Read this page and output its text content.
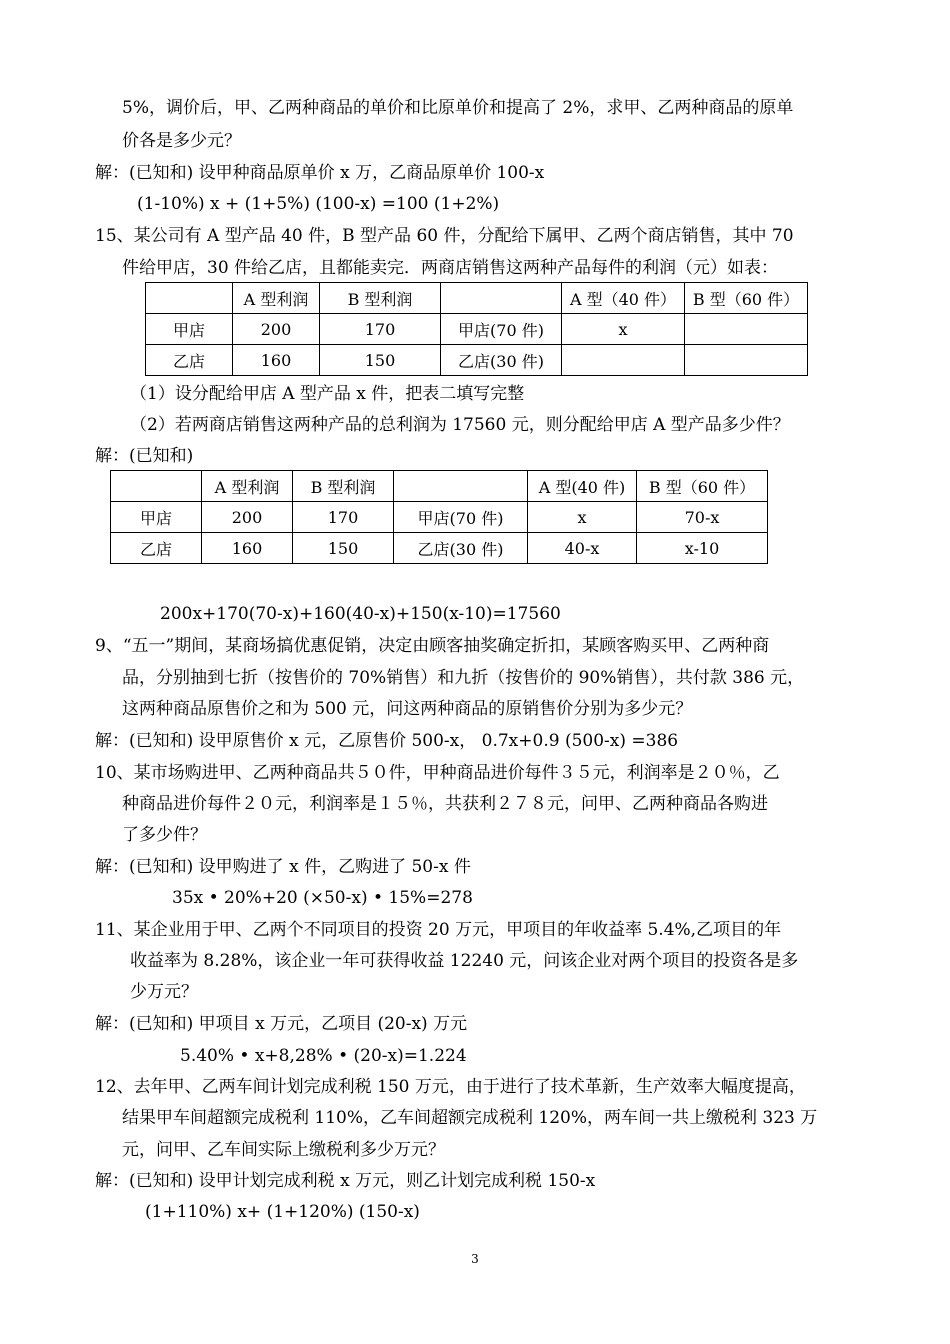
5%，调价后，甲、乙两种商品的单价和比原单价和提高了 2%，求甲、乙两种商品的原单
价各是多少元？
解：(已知和) 设甲种商品原单价 x 万，乙商品原单价 100-x
(1-10%) x + (1+5%) (100-x) =100 (1+2%)
15、某公司有 A 型产品 40 件，B 型产品 60 件，分配给下属甲、乙两个商店销售，其中 70
件给甲店，30 件给乙店，且都能卖完．两商店销售这两种产品每件的利润（元）如表：
	A 型利润	B 型利润		A 型（40 件）	B 型（60 件）
甲店	200	170	甲店(70 件)	x	
乙店	160	150	乙店(30 件)		
（1）设分配给甲店 A 型产品 x 件，把表二填写完整
（2）若两商店销售这两种产品的总利润为 17560 元，则分配给甲店 A 型产品多少件？
解：(已知和)
	A 型利润	B 型利润		A 型(40 件)	B 型（60 件）
甲店	200	170	甲店(70 件)	x	70-x
乙店	160	150	乙店(30 件)	40-x	x-10
200x+170(70-x)+160(40-x)+150(x-10)=17560
9、“五一”期间，某商场搞优惠促销，决定由顾客抽奖确定折扣，某顾客购买甲、乙两种商
品，分别抽到七折（按售价的 70%销售）和九折（按售价的 90%销售），共付款 386 元，
这两种商品原售价之和为 500 元，问这两种商品的原销售价分别为多少元？
解：(已知和) 设甲原售价 x 元，乙原售价 500-x， 0.7x+0.9 (500-x) =386
10、某市场购进甲、乙两种商品共５０件，甲种商品进价每件３５元，利润率是２０％，乙
种商品进价每件２０元，利润率是１５％，共获利２７８元，问甲、乙两种商品各购进
了多少件？
解：(已知和) 设甲购进了 x 件，乙购进了 50-x 件
35x • 20%+20 (×50-x) • 15%=278
11、某企业用于甲、乙两个不同项目的投资 20 万元，甲项目的年收益率 5.4%,乙项目的年
收益率为 8.28%，该企业一年可获得收益 12240 元，问该企业对两个项目的投资各是多
少万元？
解：(已知和) 甲项目 x 万元，乙项目 (20-x) 万元
5.40% • x+8,28% • (20-x)=1.224
12、去年甲、乙两车间计划完成利税 150 万元，由于进行了技术革新，生产效率大幅度提高，
结果甲车间超额完成税利 110%，乙车间超额完成税利 120%，两车间一共上缴税利 323 万
元，问甲、乙车间实际上缴税利多少万元？
解：(已知和) 设甲计划完成利税 x 万元，则乙计划完成利税 150-x
(1+110%) x+ (1+120%) (150-x)
3
